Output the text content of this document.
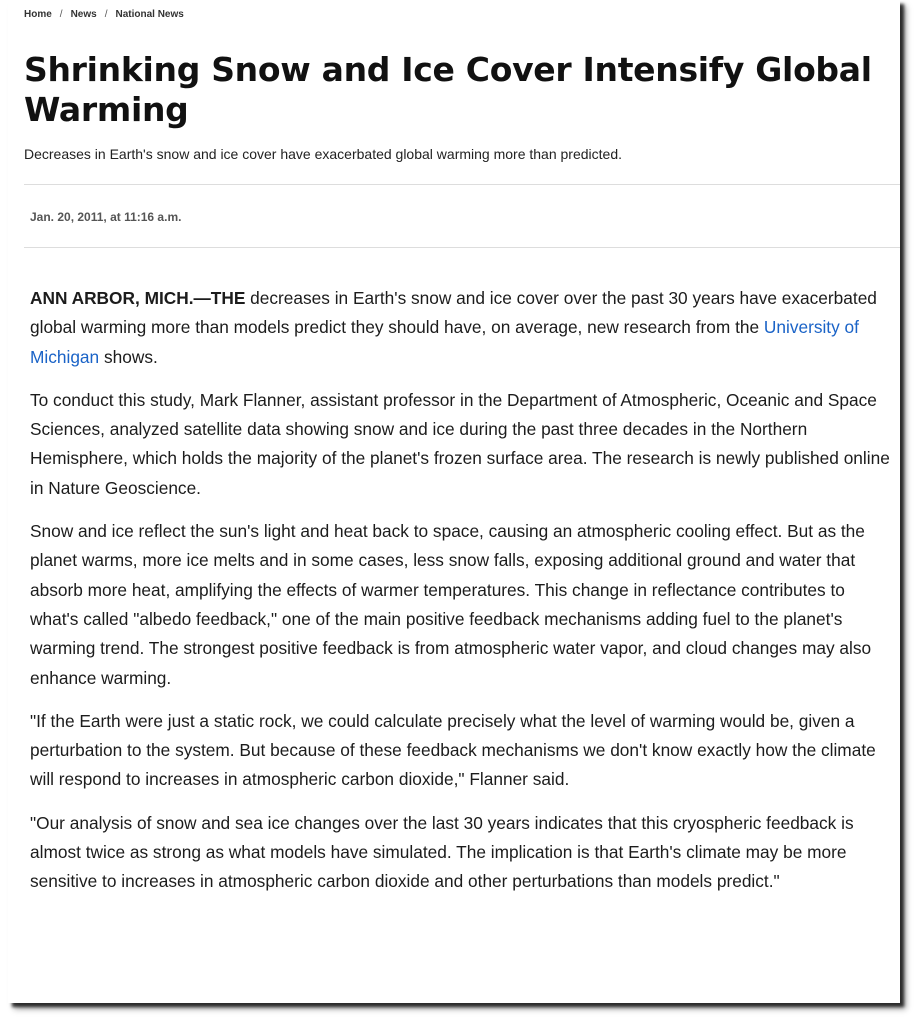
Home / News / National News
Shrinking Snow and Ice Cover Intensify Global Warming
Decreases in Earth's snow and ice cover have exacerbated global warming more than predicted.
Jan. 20, 2011, at 11:16 a.m.

ANN ARBOR, MICH.—THE decreases in Earth's snow and ice cover over the past 30 years have exacerbated global warming more than models predict they should have, on average, new research from the University of Michigan shows.

To conduct this study, Mark Flanner, assistant professor in the Department of Atmospheric, Oceanic and Space Sciences, analyzed satellite data showing snow and ice during the past three decades in the Northern Hemisphere, which holds the majority of the planet's frozen surface area. The research is newly published online in Nature Geoscience.

Snow and ice reflect the sun's light and heat back to space, causing an atmospheric cooling effect. But as the planet warms, more ice melts and in some cases, less snow falls, exposing additional ground and water that absorb more heat, amplifying the effects of warmer temperatures. This change in reflectance contributes to what's called "albedo feedback," one of the main positive feedback mechanisms adding fuel to the planet's warming trend. The strongest positive feedback is from atmospheric water vapor, and cloud changes may also enhance warming.

"If the Earth were just a static rock, we could calculate precisely what the level of warming would be, given a perturbation to the system. But because of these feedback mechanisms we don't know exactly how the climate will respond to increases in atmospheric carbon dioxide," Flanner said.

"Our analysis of snow and sea ice changes over the last 30 years indicates that this cryospheric feedback is almost twice as strong as what models have simulated. The implication is that Earth's climate may be more sensitive to increases in atmospheric carbon dioxide and other perturbations than models predict."
